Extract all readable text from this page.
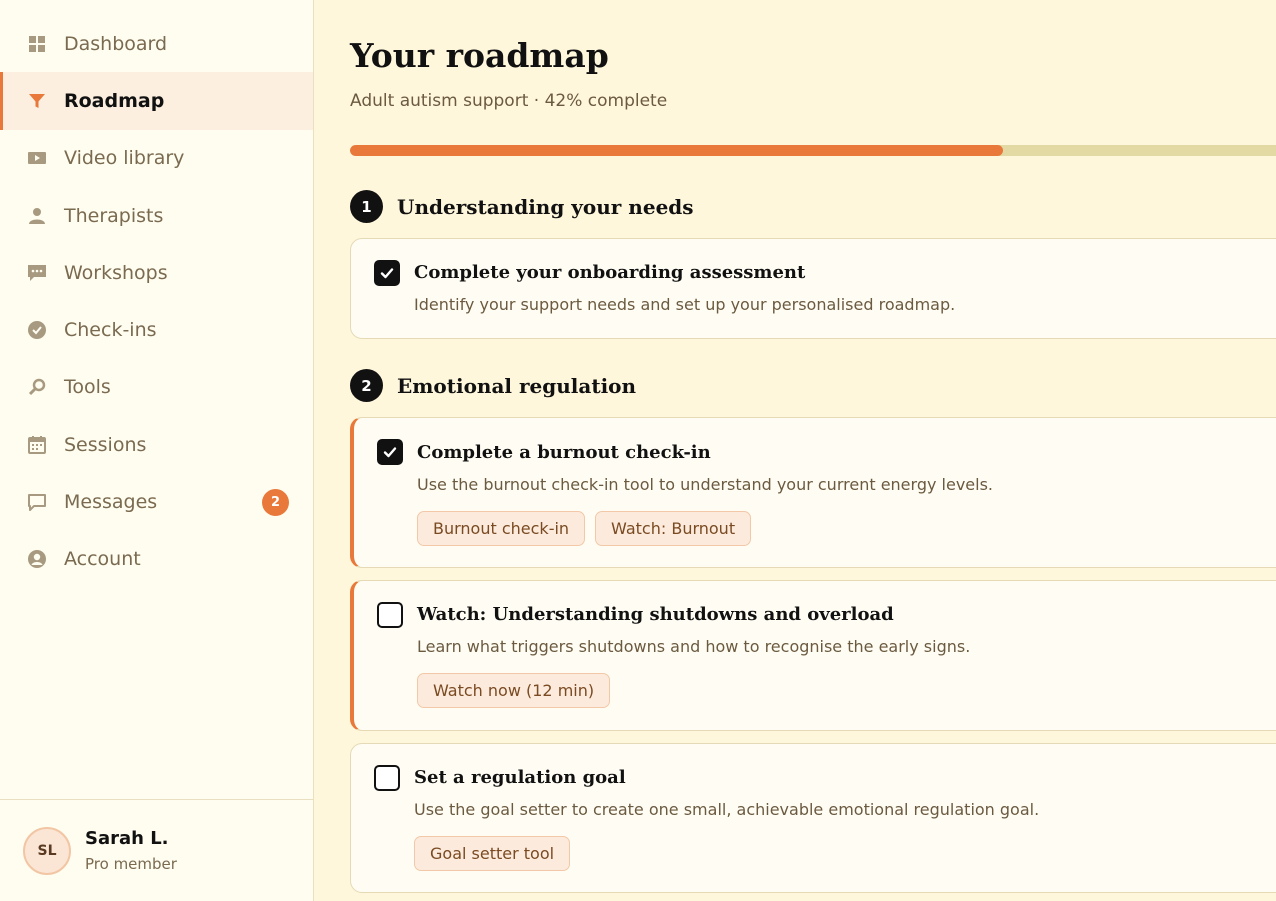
Dashboard
Roadmap
Video library
Therapists
Workshops
Check-ins
Tools
Sessions
Messages	2
Account
SL
Sarah L.
Pro member
Your roadmap
Adult autism support · 42% complete
1	Understanding your needs
Complete your onboarding assessment
Identify your support needs and set up your personalised roadmap.
2	Emotional regulation
Complete a burnout check-in
Use the burnout check-in tool to understand your current energy levels.
Burnout check-in	Watch: Burnout
Watch: Understanding shutdowns and overload
Learn what triggers shutdowns and how to recognise the early signs.
Watch now (12 min)
Set a regulation goal
Use the goal setter to create one small, achievable emotional regulation goal.
Goal setter tool
